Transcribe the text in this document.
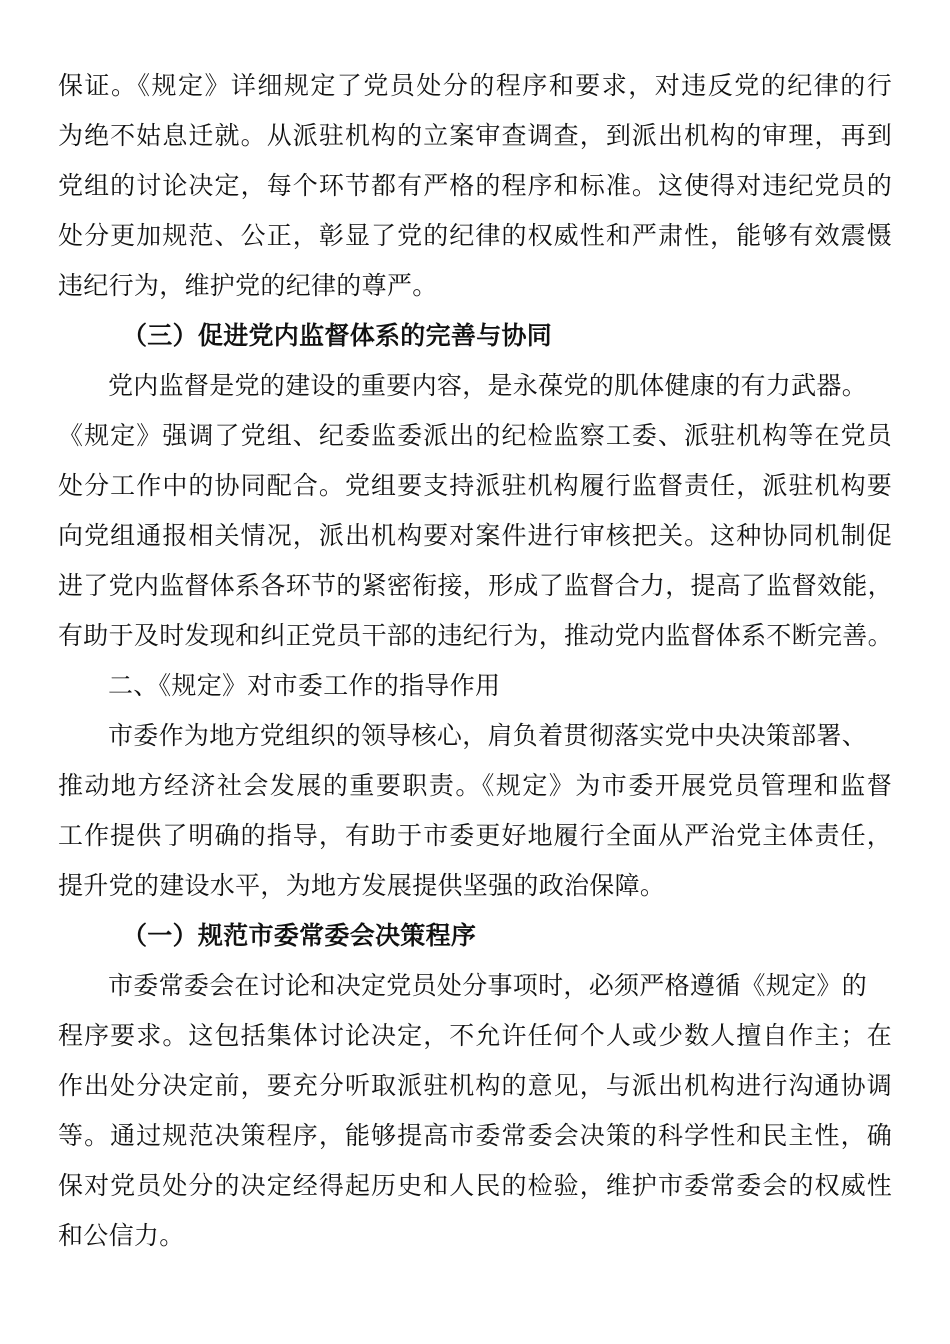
保证。《规定》详细规定了党员处分的程序和要求，对违反党的纪律的行
为绝不姑息迁就。从派驻机构的立案审查调查，到派出机构的审理，再到
党组的讨论决定，每个环节都有严格的程序和标准。这使得对违纪党员的
处分更加规范、公正，彰显了党的纪律的权威性和严肃性，能够有效震慑
违纪行为，维护党的纪律的尊严。
（三）促进党内监督体系的完善与协同
党内监督是党的建设的重要内容，是永葆党的肌体健康的有力武器。
《规定》强调了党组、纪委监委派出的纪检监察工委、派驻机构等在党员
处分工作中的协同配合。党组要支持派驻机构履行监督责任，派驻机构要
向党组通报相关情况，派出机构要对案件进行审核把关。这种协同机制促
进了党内监督体系各环节的紧密衔接，形成了监督合力，提高了监督效能，
有助于及时发现和纠正党员干部的违纪行为，推动党内监督体系不断完善。
二、《规定》对市委工作的指导作用
市委作为地方党组织的领导核心，肩负着贯彻落实党中央决策部署、
推动地方经济社会发展的重要职责。《规定》为市委开展党员管理和监督
工作提供了明确的指导，有助于市委更好地履行全面从严治党主体责任，
提升党的建设水平，为地方发展提供坚强的政治保障。
（一）规范市委常委会决策程序
市委常委会在讨论和决定党员处分事项时，必须严格遵循《规定》的
程序要求。这包括集体讨论决定，不允许任何个人或少数人擅自作主；在
作出处分决定前，要充分听取派驻机构的意见，与派出机构进行沟通协调
等。通过规范决策程序，能够提高市委常委会决策的科学性和民主性，确
保对党员处分的决定经得起历史和人民的检验，维护市委常委会的权威性
和公信力。
